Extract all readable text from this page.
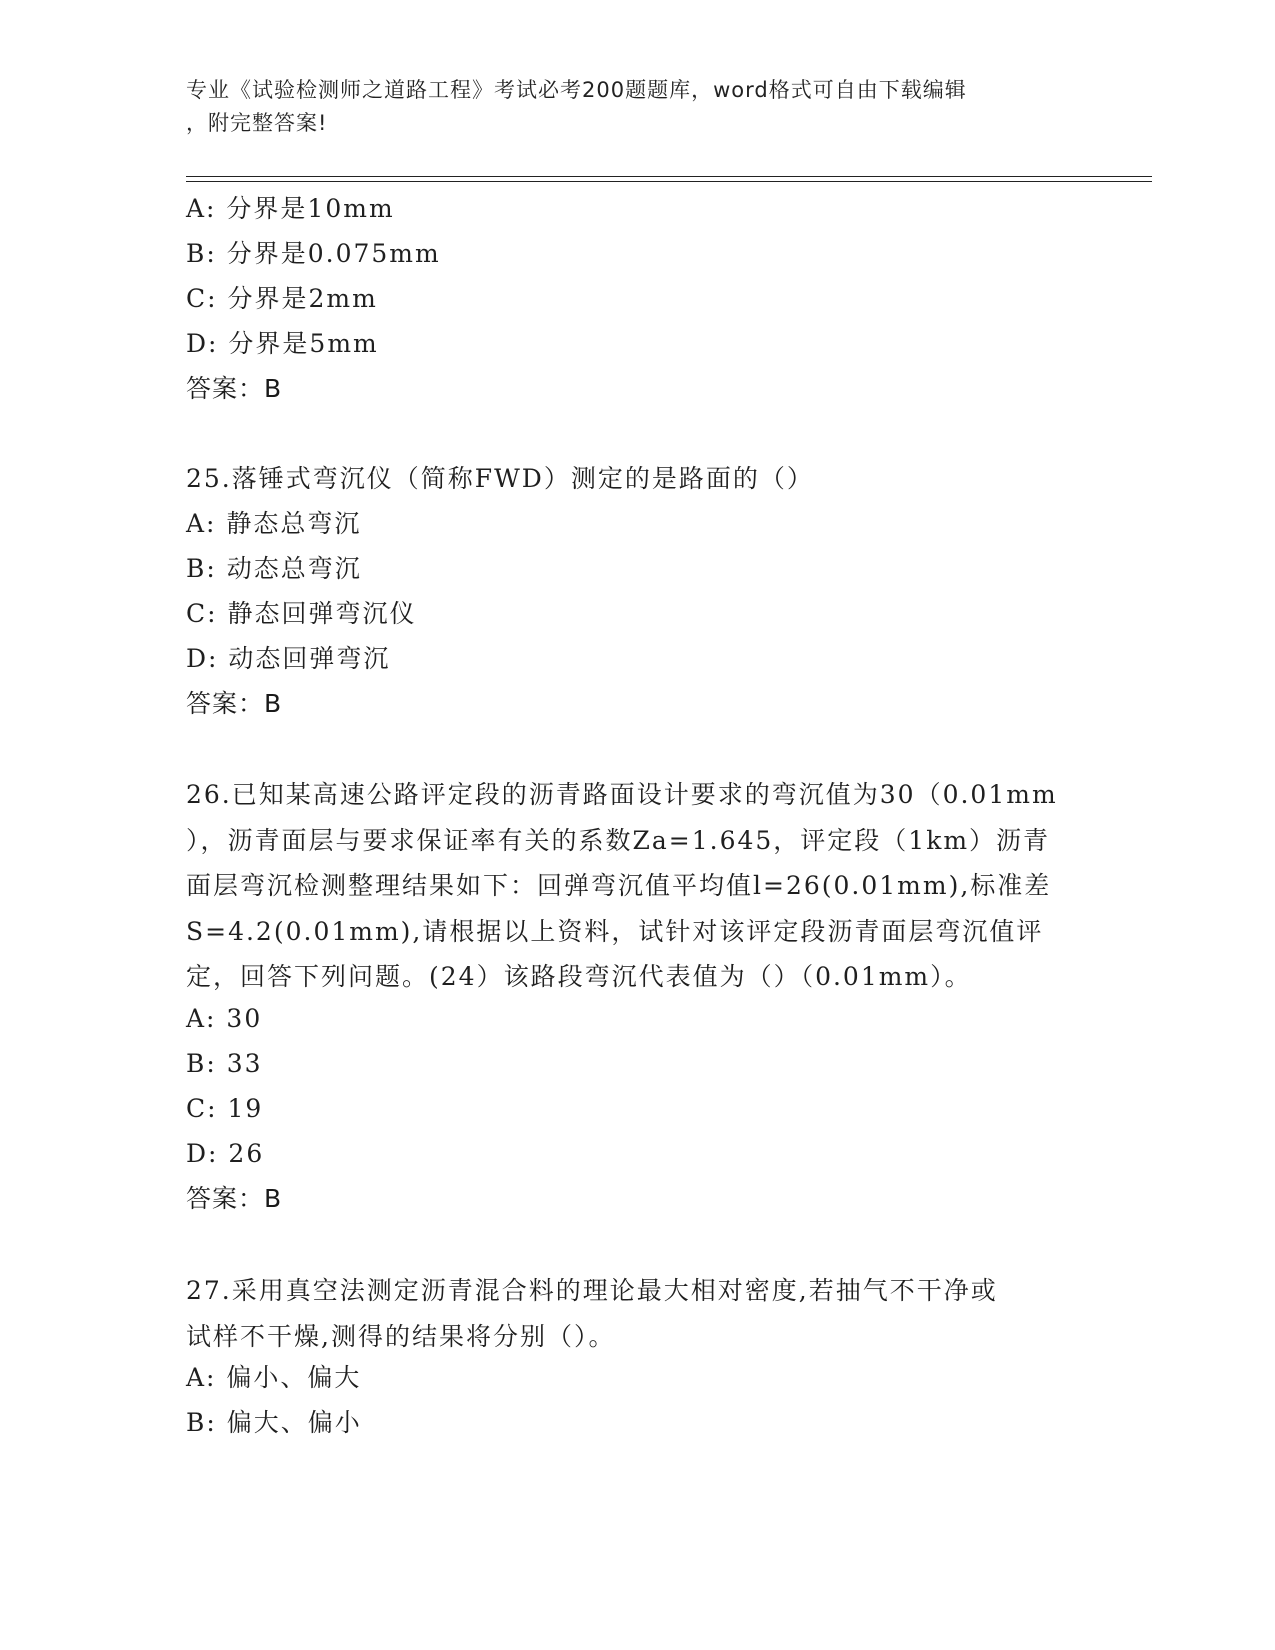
专业《试验检测师之道路工程》考试必考200题题库，word格式可自由下载编辑
，附完整答案!
A: 分界是10mm
B: 分界是0.075mm
C: 分界是2mm
D: 分界是5mm
答案：B
25.落锤式弯沉仪（简称FWD）测定的是路面的（）
A: 静态总弯沉
B: 动态总弯沉
C: 静态回弹弯沉仪
D: 动态回弹弯沉
答案：B
26.已知某高速公路评定段的沥青路面设计要求的弯沉值为30（0.01mm
），沥青面层与要求保证率有关的系数Za=1.645，评定段（1km）沥青
面层弯沉检测整理结果如下：回弹弯沉值平均值l=26(0.01mm),标准差
S=4.2(0.01mm),请根据以上资料，试针对该评定段沥青面层弯沉值评
定，回答下列问题。(24）该路段弯沉代表值为（）（0.01mm）。
A: 30
B: 33
C: 19
D: 26
答案：B
27.采用真空法测定沥青混合料的理论最大相对密度,若抽气不干净或
试样不干燥,测得的结果将分别（）。
A: 偏小、偏大
B: 偏大、偏小
